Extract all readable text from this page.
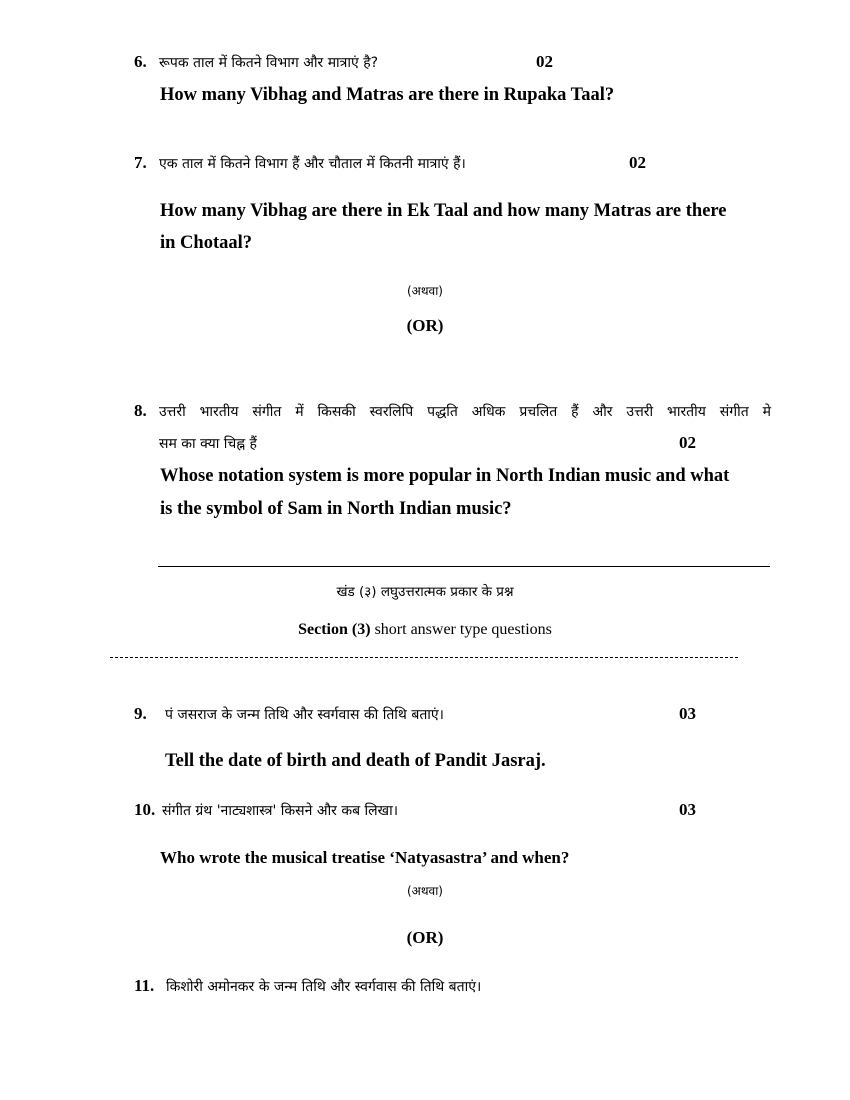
6. रूपक ताल में कितने विभाग और मात्राएं है?	02
How many Vibhag and Matras are there in Rupaka Taal?
7. एक ताल में कितने विभाग हैं और चौताल में कितनी मात्राएं हैं।	02
How many Vibhag are there in Ek Taal and how many Matras are there
in Chotaal?
(अथवा)
(OR)
8. उत्तरी भारतीय संगीत में किसकी स्वरलिपि पद्धति अधिक प्रचलित हैं और उत्तरी भारतीय संगीत मे
सम का क्या चिह्न हैं	02
Whose notation system is more popular in North Indian music and what
is the symbol of Sam in North Indian music?
खंड (३) लघुउत्तरात्मक प्रकार के प्रश्न
Section (3) short answer type questions
9. पं जसराज के जन्म तिथि और स्वर्गवास की तिथि बताएं।	03
Tell the date of birth and death of Pandit Jasraj.
10. संगीत ग्रंथ 'नाट्यशास्त्र' किसने और कब लिखा।	03
Who wrote the musical treatise ‘Natyasastra’ and when?
(अथवा)
(OR)
11. किशोरी अमोनकर के जन्म तिथि और स्वर्गवास की तिथि बताएं।
